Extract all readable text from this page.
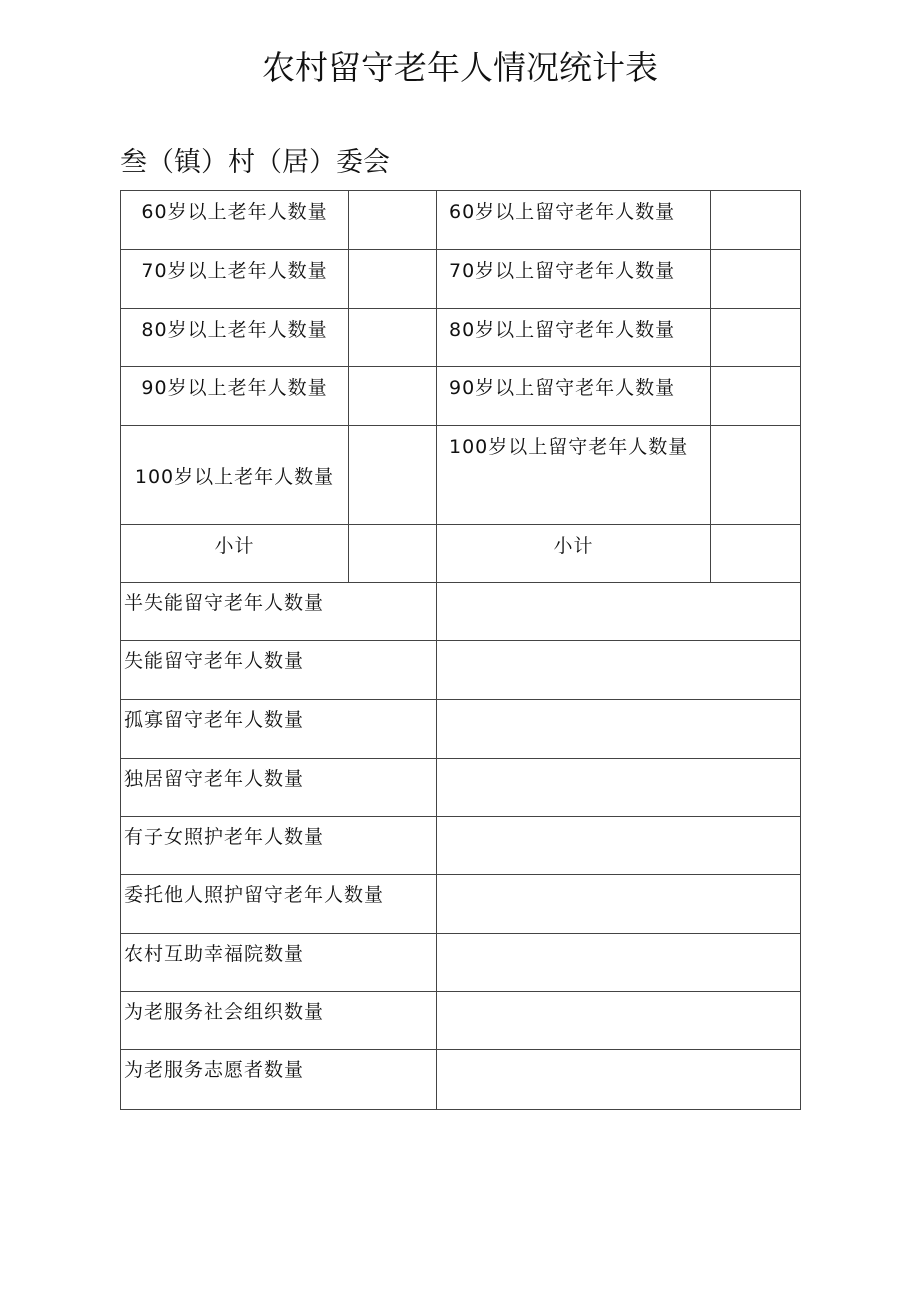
农村留守老年人情况统计表
叁（镇）村（居）委会
60岁以上老年人数量		60岁以上留守老年人数量	
70岁以上老年人数量		70岁以上留守老年人数量	
80岁以上老年人数量		80岁以上留守老年人数量	
90岁以上老年人数量		90岁以上留守老年人数量	
100岁以上老年人数量		100岁以上留守老年人数量	
小计		小计	
半失能留守老年人数量			
失能留守老年人数量			
孤寡留守老年人数量			
独居留守老年人数量			
有子女照护老年人数量			
委托他人照护留守老年人数量			
农村互助幸福院数量			
为老服务社会组织数量			
为老服务志愿者数量			
